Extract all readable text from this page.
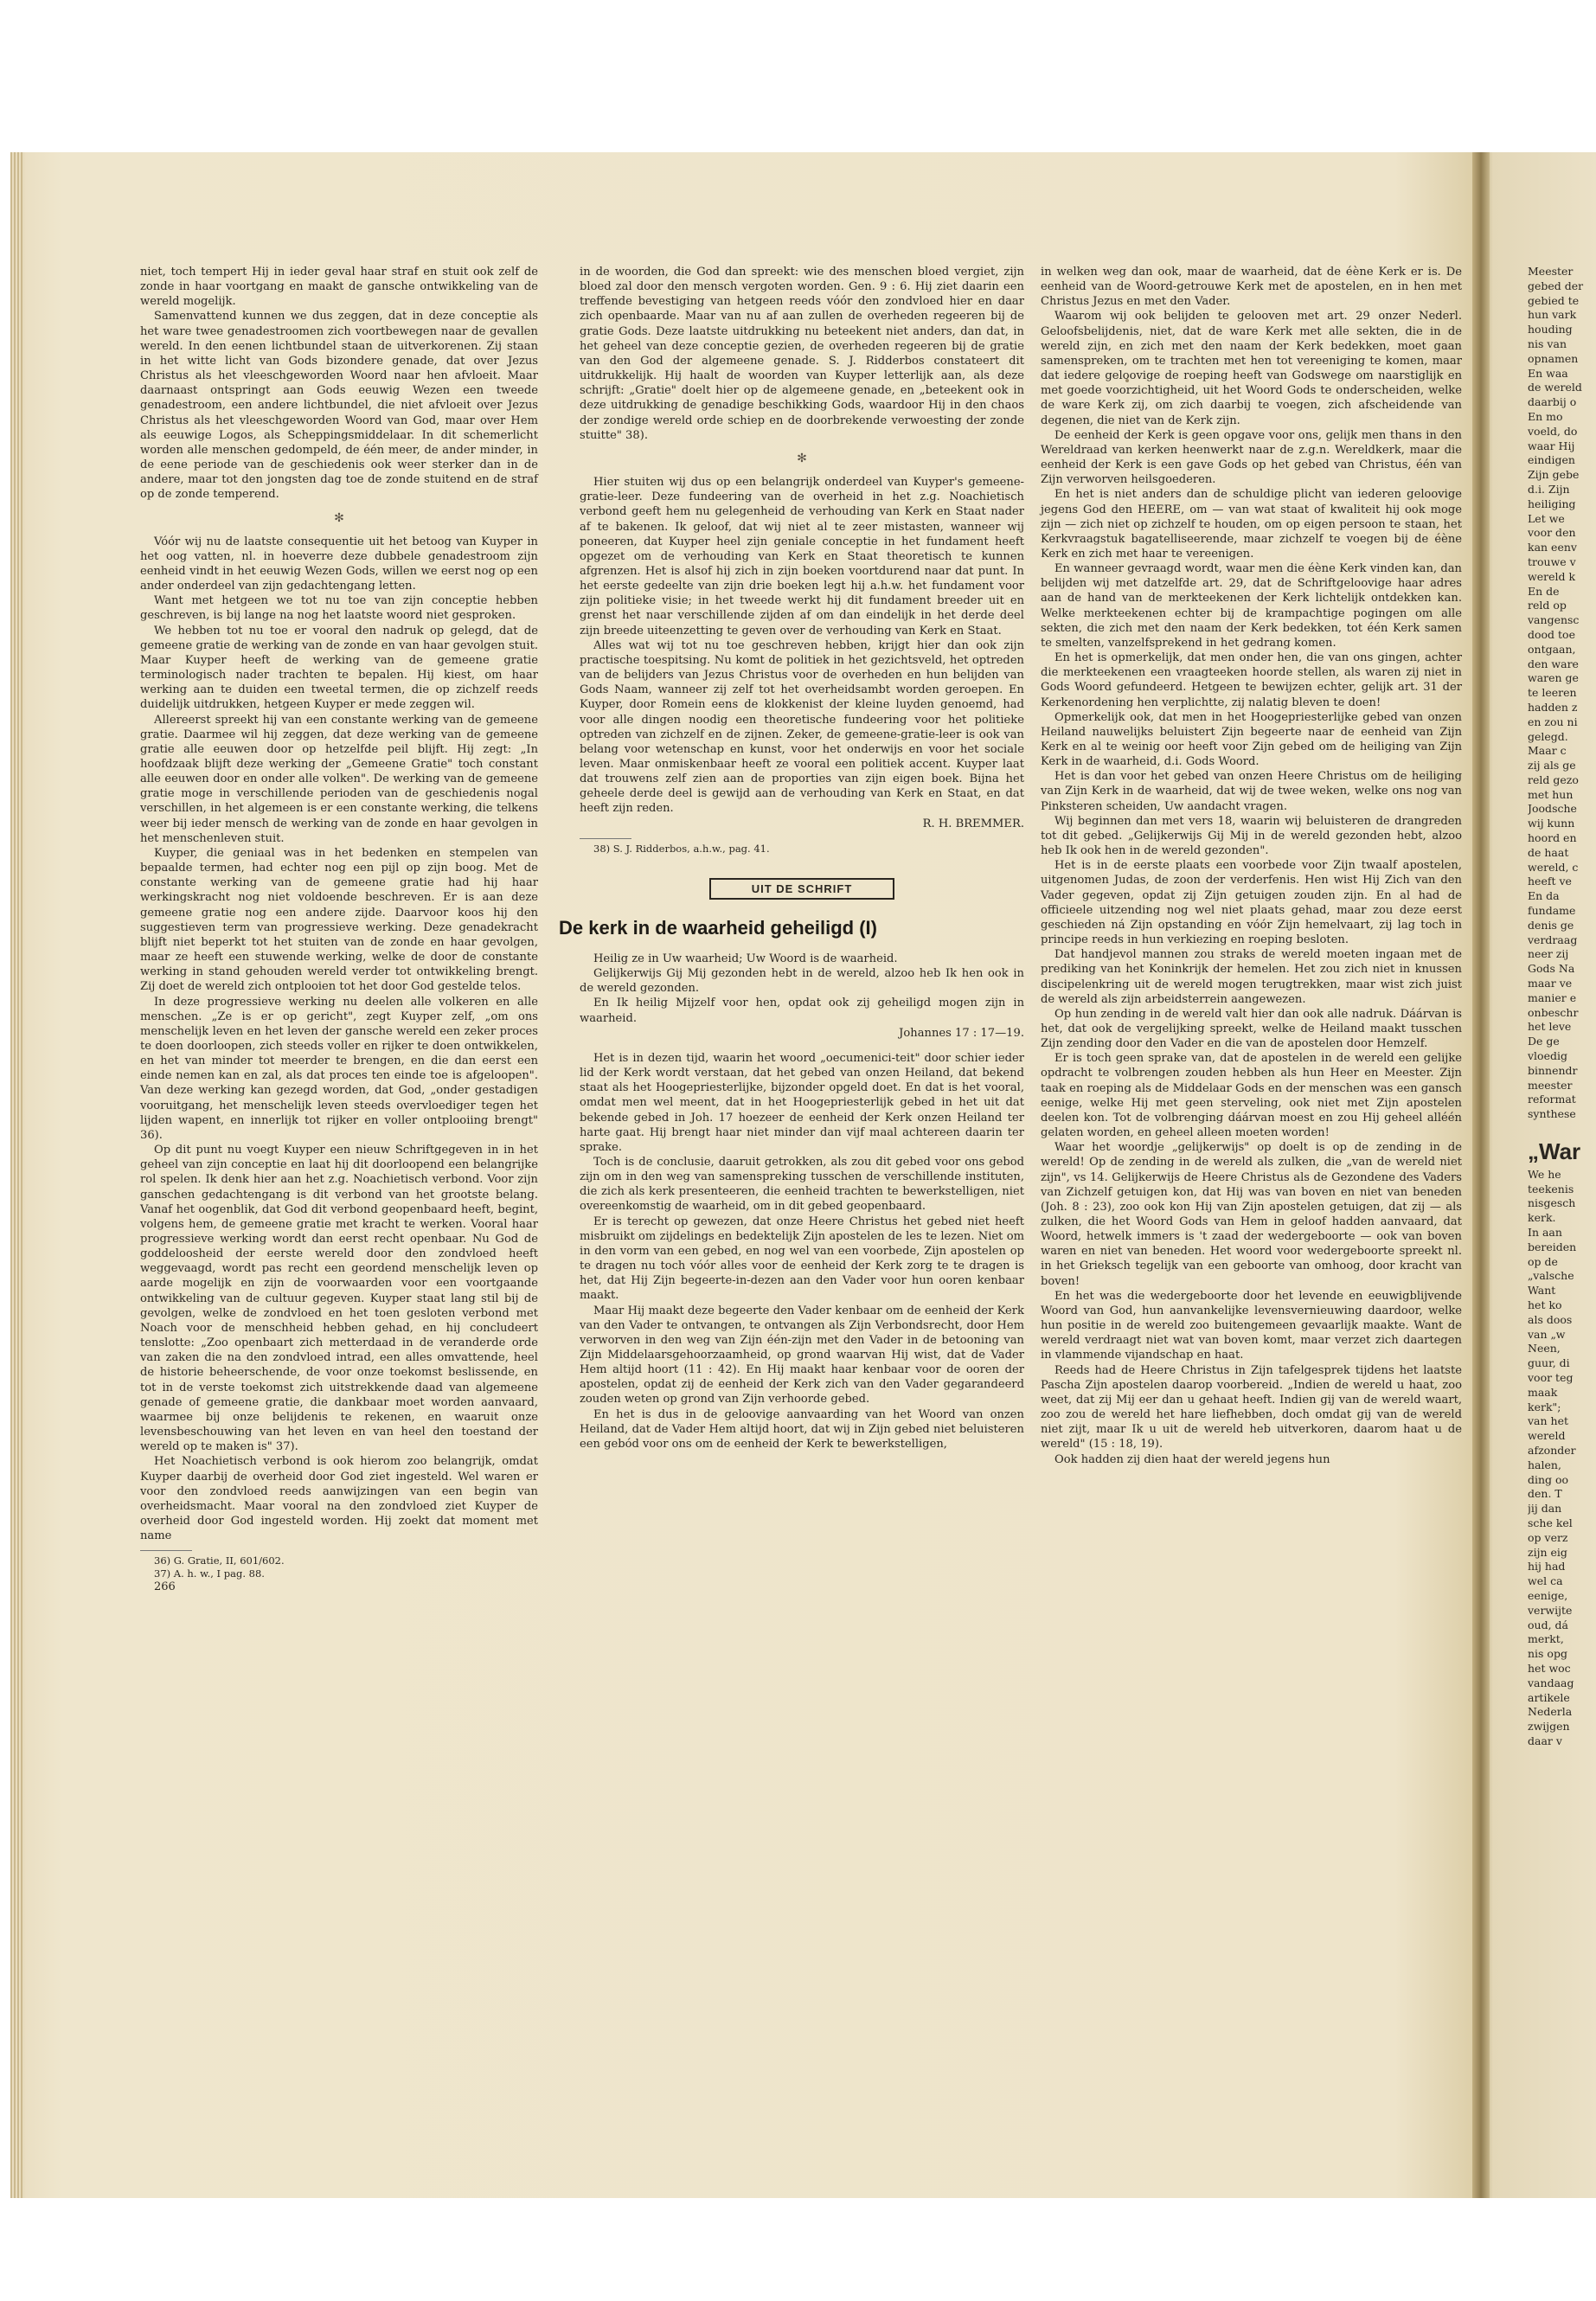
niet, toch tempert Hij in ieder geval haar straf en stuit ook zelf de zonde in haar voortgang en maakt de gansche ontwikkeling van de wereld mogelijk.

Samenvattend kunnen we dus zeggen, dat in deze conceptie als het ware twee genadestroomen zich voortbewegen naar de gevallen wereld. In den eenen lichtbundel staan de uitverkorenen. Zij staan in het witte licht van Gods bizondere genade, dat over Jezus Christus als het vleeschgeworden Woord naar hen afvloeit. Maar daarnaast ontspringt aan Gods eeuwig Wezen een tweede genadestroom, een andere lichtbundel, die niet afvloeit over Jezus Christus als het vleeschgeworden Woord van God, maar over Hem als eeuwige Logos, als Scheppingsmiddelaar. In dit schemerlicht worden alle menschen gedompeld, de één meer, de ander minder, in de eene periode van de geschiedenis ook weer sterker dan in de andere, maar tot den jongsten dag toe de zonde stuitend en de straf op de zonde temperend.

✻

Vóór wij nu de laatste consequentie uit het betoog van Kuyper in het oog vatten, nl. in hoeverre deze dubbele genadestroom zijn eenheid vindt in het eeuwig Wezen Gods, willen we eerst nog op een ander onderdeel van zijn gedachtengang letten.

Want met hetgeen we tot nu toe van zijn conceptie hebben geschreven, is bij lange na nog het laatste woord niet gesproken.

We hebben tot nu toe er vooral den nadruk op gelegd, dat de gemeene gratie de werking van de zonde en van haar gevolgen stuit. Maar Kuyper heeft de werking van de gemeene gratie terminologisch nader trachten te bepalen. Hij kiest, om haar werking aan te duiden een tweetal termen, die op zichzelf reeds duidelijk uitdrukken, hetgeen Kuyper er mede zeggen wil.

Allereerst spreekt hij van een constante werking van de gemeene gratie. Daarmee wil hij zeggen, dat deze werking van de gemeene gratie alle eeuwen door op hetzelfde peil blijft. Hij zegt: „In hoofdzaak blijft deze werking der „Gemeene Gratie" toch constant alle eeuwen door en onder alle volken". De werking van de gemeene gratie moge in verschillende perioden van de geschiedenis nogal verschillen, in het algemeen is er een constante werking, die telkens weer bij ieder mensch de werking van de zonde en haar gevolgen in het menschenleven stuit.

Kuyper, die geniaal was in het bedenken en stempelen van bepaalde termen, had echter nog een pijl op zijn boog. Met de constante werking van de gemeene gratie had hij haar werkingskracht nog niet voldoende beschreven. Er is aan deze gemeene gratie nog een andere zijde. Daarvoor koos hij den suggestieven term van progressieve werking. Deze genadekracht blijft niet beperkt tot het stuiten van de zonde en haar gevolgen, maar ze heeft een stuwende werking, welke de door de constante werking in stand gehouden wereld verder tot ontwikkeling brengt. Zij doet de wereld zich ontplooien tot het door God gestelde telos.

In deze progressieve werking nu deelen alle volkeren en alle menschen. „Ze is er op gericht", zegt Kuyper zelf, „om ons menschelijk leven en het leven der gansche wereld een zeker proces te doen doorloopen, zich steeds voller en rijker te doen ontwikkelen, en het van minder tot meerder te brengen, en die dan eerst een einde nemen kan en zal, als dat proces ten einde toe is afgeloopen". Van deze werking kan gezegd worden, dat God, „onder gestadigen vooruitgang, het menschelijk leven steeds overvloediger tegen het lijden wapent, en innerlijk tot rijker en voller ontplooiing brengt" 36).

Op dit punt nu voegt Kuyper een nieuw Schriftgegeven in in het geheel van zijn conceptie en laat hij dit doorloopend een belangrijke rol spelen. Ik denk hier aan het z.g. Noachietisch verbond. Voor zijn ganschen gedachtengang is dit verbond van het grootste belang. Vanaf het oogenblik, dat God dit verbond geopenbaard heeft, begint, volgens hem, de gemeene gratie met kracht te werken. Vooral haar progressieve werking wordt dan eerst recht openbaar. Nu God de goddeloosheid der eerste wereld door den zondvloed heeft weggevaagd, wordt pas recht een geordend menschelijk leven op aarde mogelijk en zijn de voorwaarden voor een voortgaande ontwikkeling van de cultuur gegeven. Kuyper staat lang stil bij de gevolgen, welke de zondvloed en het toen gesloten verbond met Noach voor de menschheid hebben gehad, en hij concludeert tenslotte: „Zoo openbaart zich metterdaad in de veranderde orde van zaken die na den zondvloed intrad, een alles omvattende, heel de historie beheerschende, de voor onze toekomst beslissende, en tot in de verste toekomst zich uitstrekkende daad van algemeene genade of gemeene gratie, die dankbaar moet worden aanvaard, waarmee bij onze belijdenis te rekenen, en waaruit onze levensbeschouwing van het leven en van heel den toestand der wereld op te maken is" 37).

Het Noachietisch verbond is ook hierom zoo belangrijk, omdat Kuyper daarbij de overheid door God ziet ingesteld. Wel waren er voor den zondvloed reeds aanwijzingen van een begin van overheidsmacht. Maar vooral na den zondvloed ziet Kuyper de overheid door God ingesteld worden. Hij zoekt dat moment met name

36) G. Gratie, II, 601/602.

37) A. h. w., I pag. 88.

266

in de woorden, die God dan spreekt: wie des menschen bloed vergiet, zijn bloed zal door den mensch vergoten worden. Gen. 9 : 6. Hij ziet daarin een treffende bevestiging van hetgeen reeds vóór den zondvloed hier en daar zich openbaarde. Maar van nu af aan zullen de overheden regeeren bij de gratie Gods. Deze laatste uitdrukking nu beteekent niet anders, dan dat, in het geheel van deze conceptie gezien, de overheden regeeren bij de gratie van den God der algemeene genade. S. J. Ridderbos constateert dit uitdrukkelijk. Hij haalt de woorden van Kuyper letterlijk aan, als deze schrijft: „Gratie" doelt hier op de algemeene genade, en „beteekent ook in deze uitdrukking de genadige beschikking Gods, waardoor Hij in den chaos der zondige wereld orde schiep en de doorbrekende verwoesting der zonde stuitte" 38).

✻

Hier stuiten wij dus op een belangrijk onderdeel van Kuyper's gemeene-gratie-leer. Deze fundeering van de overheid in het z.g. Noachietisch verbond geeft hem nu gelegenheid de verhouding van Kerk en Staat nader af te bakenen. Ik geloof, dat wij niet al te zeer mistasten, wanneer wij poneeren, dat Kuyper heel zijn geniale conceptie in het fundament heeft opgezet om de verhouding van Kerk en Staat theoretisch te kunnen afgrenzen. Het is alsof hij zich in zijn boeken voortdurend naar dat punt. In het eerste gedeelte van zijn drie boeken legt hij a.h.w. het fundament voor zijn politieke visie; in het tweede werkt hij dit fundament breeder uit en grenst het naar verschillende zijden af om dan eindelijk in het derde deel zijn breede uiteenzetting te geven over de verhouding van Kerk en Staat.

Alles wat wij tot nu toe geschreven hebben, krijgt hier dan ook zijn practische toespitsing. Nu komt de politiek in het gezichtsveld, het optreden van de belijders van Jezus Christus voor de overheden en hun belijden van Gods Naam, wanneer zij zelf tot het overheidsambt worden geroepen. En Kuyper, door Romein eens de klokkenist der kleine luyden genoemd, had voor alle dingen noodig een theoretische fundeering voor het politieke optreden van zichzelf en de zijnen. Zeker, de gemeene-gratie-leer is ook van belang voor wetenschap en kunst, voor het onderwijs en voor het sociale leven. Maar onmiskenbaar heeft ze vooral een politiek accent. Kuyper laat dat trouwens zelf zien aan de proporties van zijn eigen boek. Bijna het geheele derde deel is gewijd aan de verhouding van Kerk en Staat, en dat heeft zijn reden.

R. H. BREMMER.

38) S. J. Ridderbos, a.h.w., pag. 41.

UIT DE SCHRIFT
De kerk in de waarheid geheiligd (I)

Heilig ze in Uw waarheid; Uw Woord is de waarheid.

Gelijkerwijs Gij Mij gezonden hebt in de wereld, alzoo heb Ik hen ook in de wereld gezonden.

En Ik heilig Mijzelf voor hen, opdat ook zij geheiligd mogen zijn in waarheid.

Johannes 17 : 17—19.

Het is in dezen tijd, waarin het woord „oecumenici-teit" door schier ieder lid der Kerk wordt verstaan, dat het gebed van onzen Heiland, dat bekend staat als het Hoogepriesterlijke, bijzonder opgeld doet. En dat is het vooral, omdat men wel meent, dat in het Hoogepriesterlijk gebed in het uit dat bekende gebed in Joh. 17 hoezeer de eenheid der Kerk onzen Heiland ter harte gaat. Hij brengt haar niet minder dan vijf maal achtereen daarin ter sprake.

Toch is de conclusie, daaruit getrokken, als zou dit gebed voor ons gebod zijn om in den weg van samenspreking tusschen de verschillende instituten, die zich als kerk presenteeren, die eenheid trachten te bewerkstelligen, niet overeenkomstig de waarheid, om in dit gebed geopenbaard.

Er is terecht op gewezen, dat onze Heere Christus het gebed niet heeft misbruikt om zijdelings en bedektelijk Zijn apostelen de les te lezen. Niet om in den vorm van een gebed, en nog wel van een voorbede, Zijn apostelen op te dragen nu toch vóór alles voor de eenheid der Kerk zorg te te dragen is het, dat Hij Zijn begeerte-in-dezen aan den Vader voor hun ooren kenbaar maakt.

Maar Hij maakt deze begeerte den Vader kenbaar om de eenheid der Kerk van den Vader te ontvangen, te ontvangen als Zijn Verbondsrecht, door Hem verworven in den weg van Zijn één-zijn met den Vader in de betooning van Zijn Middelaarsgehoorzaamheid, op grond waarvan Hij wist, dat de Vader Hem altijd hoort (11 : 42). En Hij maakt haar kenbaar voor de ooren der apostelen, opdat zij de eenheid der Kerk zich van den Vader gegarandeerd zouden weten op grond van Zijn verhoorde gebed.

En het is dus in de geloovige aanvaarding van het Woord van onzen Heiland, dat de Vader Hem altijd hoort, dat wij in Zijn gebed niet beluisteren een gebód voor ons om de eenheid der Kerk te bewerkstelligen,

in welken weg dan ook, maar de waarheid, dat de éène Kerk er is. De eenheid van de Woord-getrouwe Kerk met de apostelen, en in hen met Christus Jezus en met den Vader.

Waarom wij ook belijden te gelooven met art. 29 onzer Nederl. Geloofsbelijdenis, niet, dat de ware Kerk met alle sekten, die in de wereld zijn, en zich met den naam der Kerk bedekken, moet gaan samenspreken, om te trachten met hen tot vereeniging te komen, maar dat iedere geloovige de roeping heeft van Godswege om naarstiglijk en met goede voorzichtigheid, uit het Woord Gods te onderscheiden, welke de ware Kerk zij, om zich daarbij te voegen, zich afscheidende van degenen, die niet van de Kerk zijn.

De eenheid der Kerk is geen opgave voor ons, gelijk men thans in den Wereldraad van kerken heenwerkt naar de z.g.n. Wereldkerk, maar die eenheid der Kerk is een gave Gods op het gebed van Christus, één van Zijn verworven heilsgoederen.

En het is niet anders dan de schuldige plicht van iederen geloovige jegens God den HEERE, om — van wat staat of kwaliteit hij ook moge zijn — zich niet op zichzelf te houden, om op eigen persoon te staan, het Kerkvraagstuk bagatelliseerende, maar zichzelf te voegen bij de éène Kerk en zich met haar te vereenigen.

En wanneer gevraagd wordt, waar men die éène Kerk vinden kan, dan belijden wij met datzelfde art. 29, dat de Schriftgeloovige haar adres aan de hand van de merkteekenen der Kerk lichtelijk ontdekken kan. Welke merkteekenen echter bij de krampachtige pogingen om alle sekten, die zich met den naam der Kerk bedekken, tot één Kerk samen te smelten, vanzelfsprekend in het gedrang komen.

En het is opmerkelijk, dat men onder hen, die van ons gingen, achter die merkteekenen een vraagteeken hoorde stellen, als waren zij niet in Gods Woord gefundeerd. Hetgeen te bewijzen echter, gelijk art. 31 der Kerkenordening hen verplichtte, zij nalatig bleven te doen!

Opmerkelijk ook, dat men in het Hoogepriesterlijke gebed van onzen Heiland nauwelijks beluistert Zijn begeerte naar de eenheid van Zijn Kerk en al te weinig oor heeft voor Zijn gebed om de heiliging van Zijn Kerk in de waarheid, d.i. Gods Woord.

Het is dan voor het gebed van onzen Heere Christus om de heiliging van Zijn Kerk in de waarheid, dat wij de twee weken, welke ons nog van Pinksteren scheiden, Uw aandacht vragen.

Wij beginnen dan met vers 18, waarin wij beluisteren de drangreden tot dit gebed. „Gelijkerwijs Gij Mij in de wereld gezonden hebt, alzoo heb Ik ook hen in de wereld gezonden".

Het is in de eerste plaats een voorbede voor Zijn twaalf apostelen, uitgenomen Judas, de zoon der verderfenis. Hen wist Hij Zich van den Vader gegeven, opdat zij Zijn getuigen zouden zijn. En al had de officieele uitzending nog wel niet plaats gehad, maar zou deze eerst geschieden ná Zijn opstanding en vóór Zijn hemelvaart, zij lag toch in principe reeds in hun verkiezing en roeping besloten.

Dat handjevol mannen zou straks de wereld moeten ingaan met de prediking van het Koninkrijk der hemelen. Het zou zich niet in knussen discipelenkring uit de wereld mogen terugtrekken, maar wist zich juist de wereld als zijn arbeidsterrein aangewezen.

Op hun zending in de wereld valt hier dan ook alle nadruk. Dáárvan is het, dat ook de vergelijking spreekt, welke de Heiland maakt tusschen Zijn zending door den Vader en die van de apostelen door Hemzelf.

Er is toch geen sprake van, dat de apostelen in de wereld een gelijke opdracht te volbrengen zouden hebben als hun Heer en Meester. Zijn taak en roeping als de Middelaar Gods en der menschen was een gansch eenige, welke Hij met geen sterveling, ook niet met Zijn apostelen deelen kon. Tot de volbrenging dáárvan moest en zou Hij geheel alléén gelaten worden, en geheel alleen moeten worden!

Waar het woordje „gelijkerwijs" op doelt is op de zending in de wereld! Op de zending in de wereld als zulken, die „van de wereld niet zijn", vs 14. Gelijkerwijs de Heere Christus als de Gezondene des Vaders van Zichzelf getuigen kon, dat Hij was van boven en niet van beneden (Joh. 8 : 23), zoo ook kon Hij van Zijn apostelen getuigen, dat zij — als zulken, die het Woord Gods van Hem in geloof hadden aanvaard, dat Woord, hetwelk immers is 't zaad der wedergeboorte — ook van boven waren en niet van beneden. Het woord voor wedergeboorte spreekt nl. in het Grieksch tegelijk van een geboorte van omhoog, door kracht van boven!

En het was die wedergeboorte door het levende en eeuwigblijvende Woord van God, hun aanvankelijke levensvernieuwing daardoor, welke hun positie in de wereld zoo buitengemeen gevaarlijk maakte. Want de wereld verdraagt niet wat van boven komt, maar verzet zich daartegen in vlammende vijandschap en haat.

Reeds had de Heere Christus in Zijn tafelgesprek tijdens het laatste Pascha Zijn apostelen daarop voorbereid. „Indien de wereld u haat, zoo weet, dat zij Mij eer dan u gehaat heeft. Indien gij van de wereld waart, zoo zou de wereld het hare liefhebben, doch omdat gij van de wereld niet zijt, maar Ik u uit de wereld heb uitverkoren, daarom haat u de wereld" (15 : 18, 19).

Ook hadden zij dien haat der wereld jegens hun

Meester
gebed der
gebied te
hun vark
houding
nis van
opnamen
En waa
de wereld
daarbij o
En mo
voeld, do
waar Hij
eindigen
Zijn gebe
d.i. Zijn
heiliging
Let we
voor den
kan eenv
trouwe v
wereld k
En de
reld op
vangensc
dood toe
ontgaan,
den ware
waren ge
te leeren
hadden z
en zou ni
gelegd.
Maar c
zij als ge
reld gezo
met hun
Joodsche
wij kunn
hoord en
de haat
wereld, c
heeft ve
En da
fundame
denis ge
verdraag
neer zij
Gods Na
maar ve
manier e
onbeschr
het leve
De ge
vloedig
binnendr
meester
reformat
synthese
„War
We he
teekenis
nisgesch
kerk.
In aan
bereiden
op de
„valsche
Want
het ko
als doos
van „w
Neen,
guur, di
voor teg
maak
kerk";
van het
wereld
afzonder
halen,
ding oo
den. T
jij dan
sche kel
op verz
zijn eig
hij had
wel ca
eenige,
verwijte
oud, dá
merkt,
nis opg
het woc
vandaag
artikele
Nederla
zwijgen
daar v
